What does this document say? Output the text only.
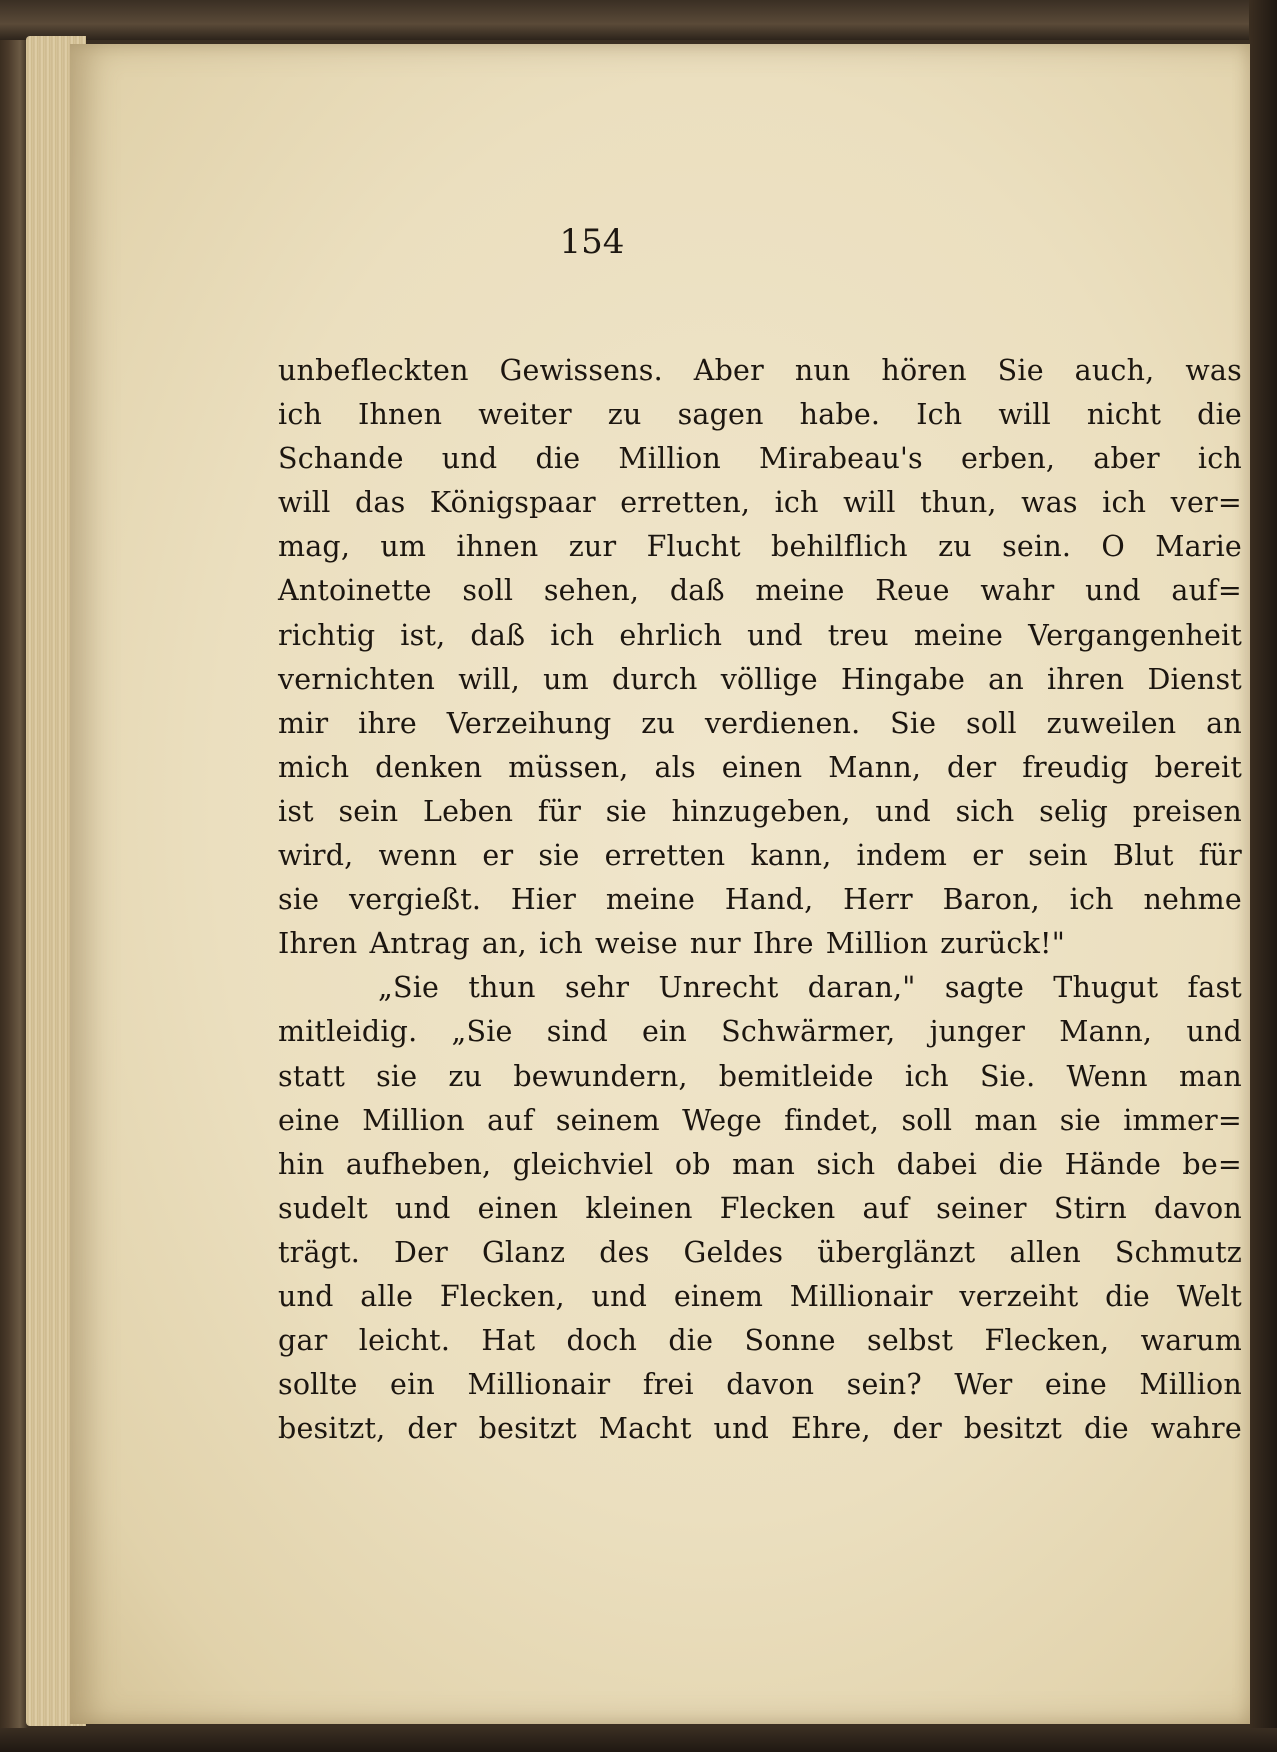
154

unbefleckten Gewissens. Aber nun hören Sie auch, was
ich Ihnen weiter zu sagen habe. Ich will nicht die
Schande und die Million Mirabeau's erben, aber ich
will das Königspaar erretten, ich will thun, was ich ver=
mag, um ihnen zur Flucht behilflich zu sein. O Marie
Antoinette soll sehen, daß meine Reue wahr und auf=
richtig ist, daß ich ehrlich und treu meine Vergangenheit
vernichten will, um durch völlige Hingabe an ihren Dienst
mir ihre Verzeihung zu verdienen. Sie soll zuweilen an
mich denken müssen, als einen Mann, der freudig bereit
ist sein Leben für sie hinzugeben, und sich selig preisen
wird, wenn er sie erretten kann, indem er sein Blut für
sie vergießt. Hier meine Hand, Herr Baron, ich nehme
Ihren Antrag an, ich weise nur Ihre Million zurück!"
„Sie thun sehr Unrecht daran," sagte Thugut fast
mitleidig. „Sie sind ein Schwärmer, junger Mann, und
statt sie zu bewundern, bemitleide ich Sie. Wenn man
eine Million auf seinem Wege findet, soll man sie immer=
hin aufheben, gleichviel ob man sich dabei die Hände be=
sudelt und einen kleinen Flecken auf seiner Stirn davon
trägt. Der Glanz des Geldes überglänzt allen Schmutz
und alle Flecken, und einem Millionair verzeiht die Welt
gar leicht. Hat doch die Sonne selbst Flecken, warum
sollte ein Millionair frei davon sein? Wer eine Million
besitzt, der besitzt Macht und Ehre, der besitzt die wahre
